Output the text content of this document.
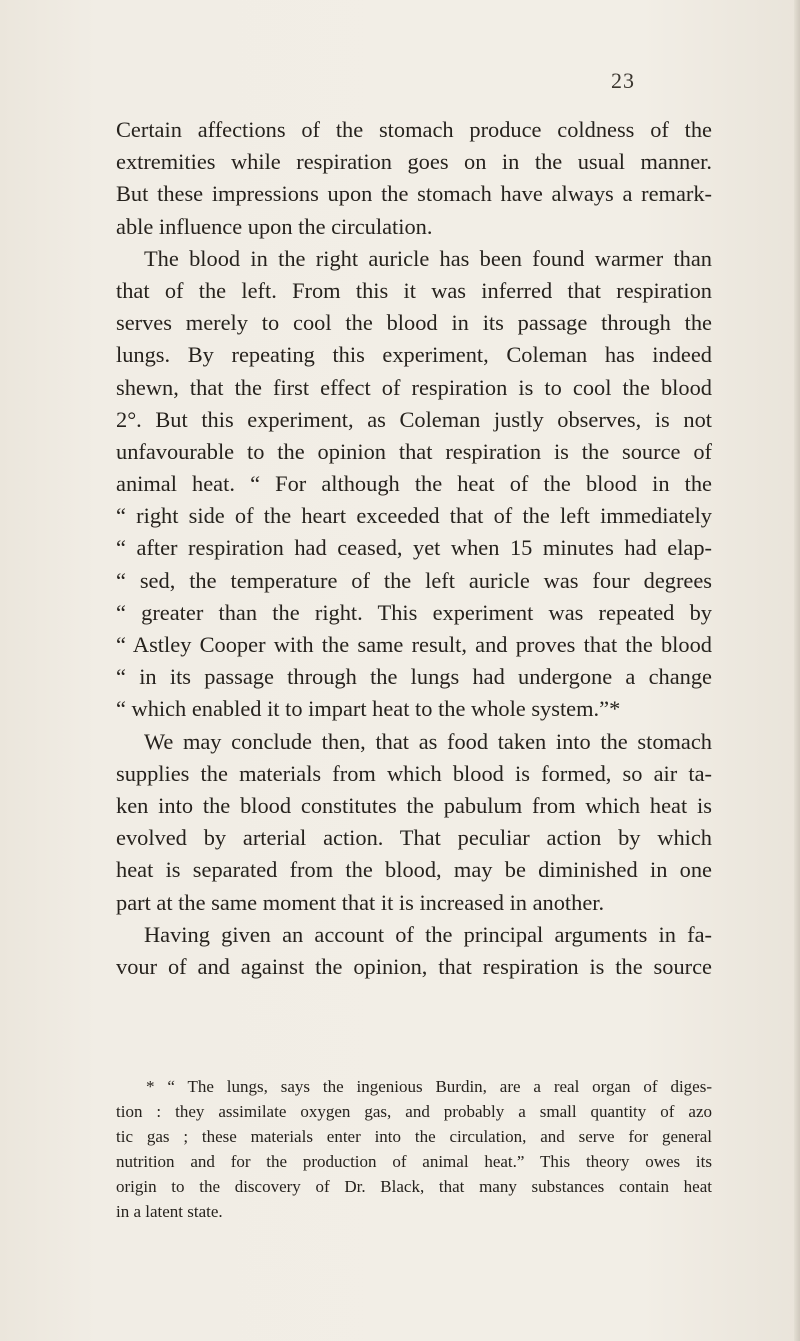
23
Certain affections of the stomach produce coldness of the
extremities while respiration goes on in the usual manner.
But these impressions upon the stomach have always a remark-
able influence upon the circulation.
The blood in the right auricle has been found warmer than
that of the left. From this it was inferred that respiration
serves merely to cool the blood in its passage through the
lungs. By repeating this experiment, Coleman has indeed
shewn, that the first effect of respiration is to cool the blood
2°. But this experiment, as Coleman justly observes, is not
unfavourable to the opinion that respiration is the source of
animal heat. “ For although the heat of the blood in the
“ right side of the heart exceeded that of the left immediately
“ after respiration had ceased, yet when 15 minutes had elap-
“ sed, the temperature of the left auricle was four degrees
“ greater than the right. This experiment was repeated by
“ Astley Cooper with the same result, and proves that the blood
“ in its passage through the lungs had undergone a change
“ which enabled it to impart heat to the whole system.”*
We may conclude then, that as food taken into the stomach
supplies the materials from which blood is formed, so air ta-
ken into the blood constitutes the pabulum from which heat is
evolved by arterial action. That peculiar action by which
heat is separated from the blood, may be diminished in one
part at the same moment that it is increased in another.
Having given an account of the principal arguments in fa-
vour of and against the opinion, that respiration is the source
* “ The lungs, says the ingenious Burdin, are a real organ of diges-
tion : they assimilate oxygen gas, and probably a small quantity of azo
tic gas ; these materials enter into the circulation, and serve for general
nutrition and for the production of animal heat.” This theory owes its
origin to the discovery of Dr. Black, that many substances contain heat
in a latent state.
